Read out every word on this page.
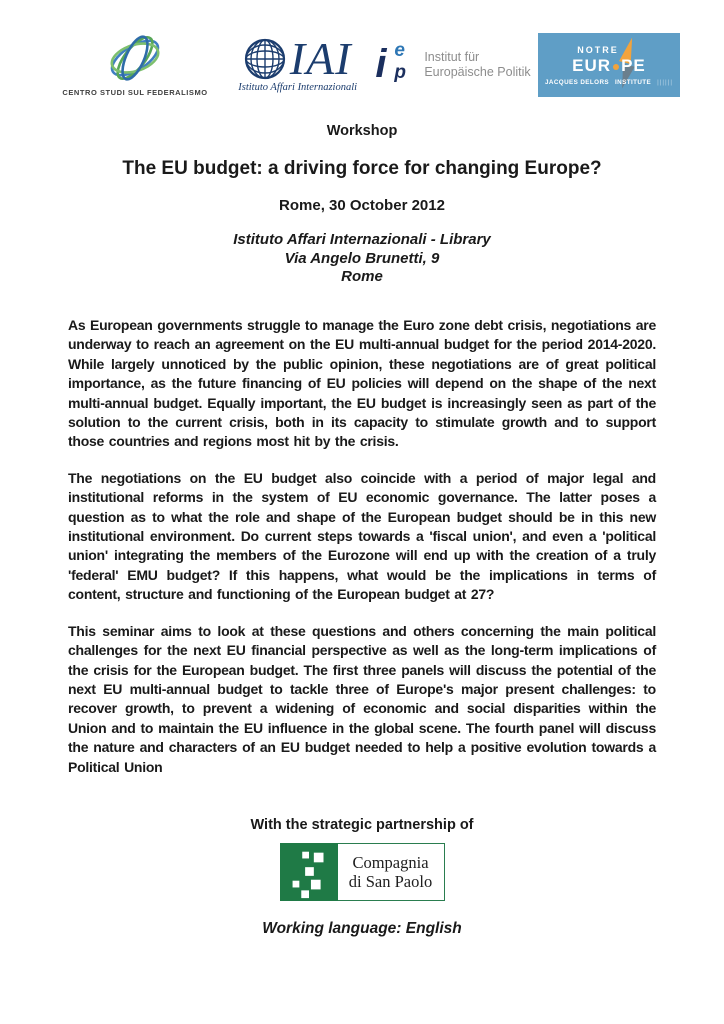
CENTRO STUDI SUL FEDERALISMO
IAI
Istituto Affari Internazionali
i e
p
Institut für
Europäische Politik
NOTRE
EUR PE
JACQUES DELORS INSTITUTE ||||||
Workshop
The EU budget: a driving force for changing Europe?
Rome, 30 October 2012
Istituto Affari Internazionali - Library
Via Angelo Brunetti, 9
Rome

As European governments struggle to manage the Euro zone debt crisis, negotiations are underway to reach an agreement on the EU multi-annual budget for the period 2014-2020. While largely unnoticed by the public opinion, these negotiations are of great political importance, as the future financing of EU policies will depend on the shape of the next multi-annual budget. Equally important, the EU budget is increasingly seen as part of the solution to the current crisis, both in its capacity to stimulate growth and to support those countries and regions most hit by the crisis.

The negotiations on the EU budget also coincide with a period of major legal and institutional reforms in the system of EU economic governance. The latter poses a question as to what the role and shape of the European budget should be in this new institutional environment. Do current steps towards a 'fiscal union', and even a 'political union' integrating the members of the Eurozone will end up with the creation of a truly 'federal' EMU budget? If this happens, what would be the implications in terms of content, structure and functioning of the European budget at 27?

This seminar aims to look at these questions and others concerning the main political challenges for the next EU financial perspective as well as the long-term implications of the crisis for the European budget. The first three panels will discuss the potential of the next EU multi-annual budget to tackle three of Europe's major present challenges: to recover growth, to prevent a widening of economic and social disparities within the Union and to maintain the EU influence in the global scene. The fourth panel will discuss the nature and characters of an EU budget needed to help a positive evolution towards a Political Union

With the strategic partnership of
Compagnia
di San Paolo
Working language: English
